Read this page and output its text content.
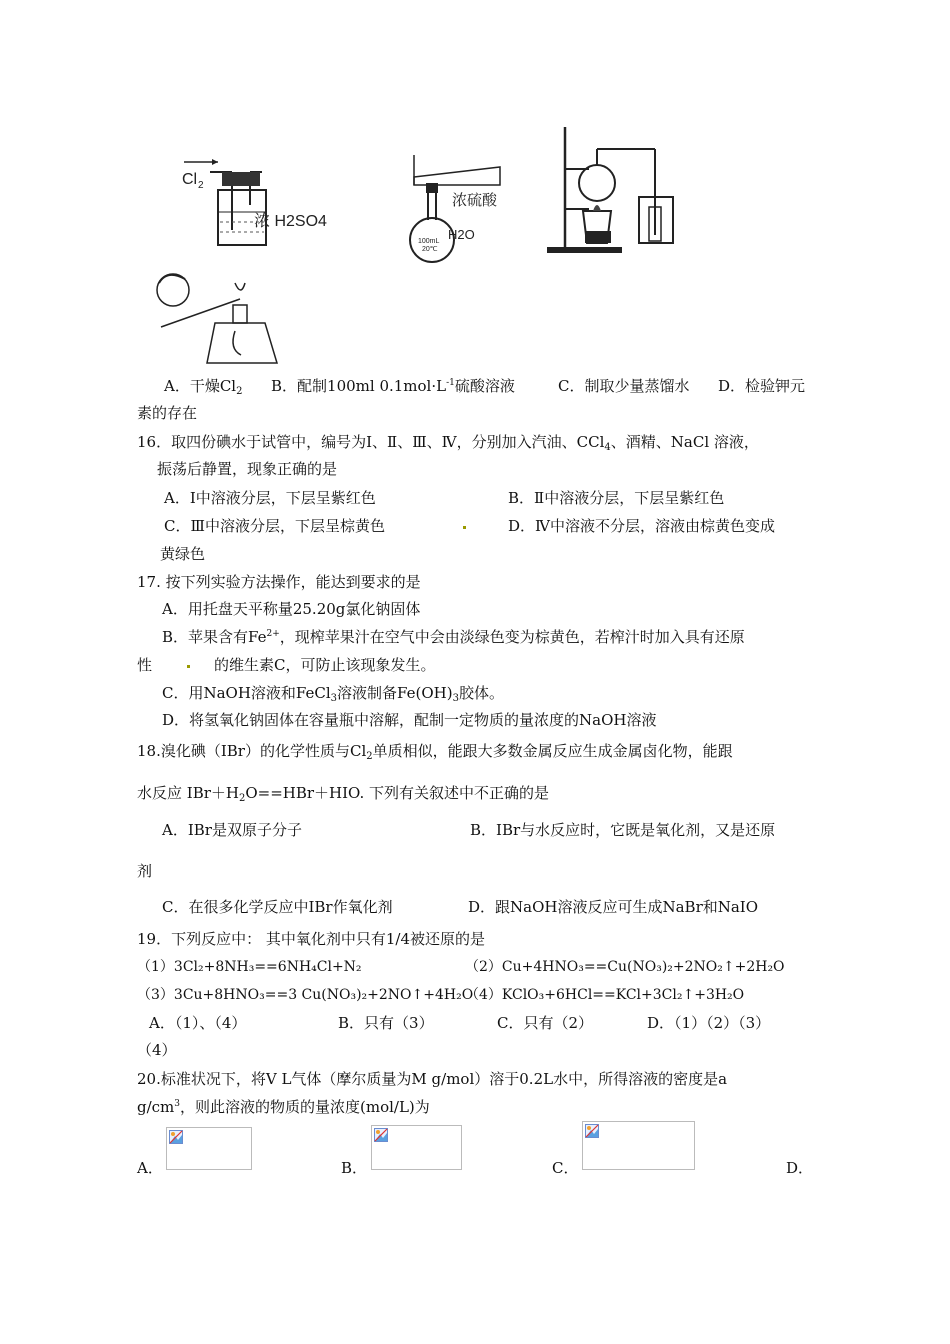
Cl 2
浓 H2SO4
浓硫酸
H2O
100mL
20℃
A．干燥$Cl_2$ B．配制100ml $0.1mol\cdot L^{-1}$硫酸溶液	C．制取少量蒸馏水 D．检验钾元
素的存在
16．取四份碘水于试管中，编号为Ⅰ、Ⅱ、Ⅲ、Ⅳ，分别加入汽油、CCl$_4$、酒精、NaCl 溶液，
振荡后静置，现象正确的是
A．Ⅰ中溶液分层，下层呈紫红色	B．Ⅱ中溶液分层，下层呈紫红色
C．Ⅲ中溶液分层，下层呈棕黄色	D．Ⅳ中溶液不分层，溶液由棕黄色变成
黄绿色
17. 按下列实验方法操作，能达到要求的是
A．用托盘天平称量25.20g氯化钠固体
B．苹果含有$Fe^{2+}$，现榨苹果汁在空气中会由淡绿色变为棕黄色，若榨汁时加入具有还原
性	的维生素C，可防止该现象发生。
C．用NaOH溶液和FeCl$_3$溶液制备$Fe(OH)_3$胶体。
D．将氢氧化钠固体在容量瓶中溶解，配制一定物质的量浓度的NaOH溶液
18.溴化碘（IBr）的化学性质与$Cl_2$单质相似，能跟大多数金属反应生成金属卤化物，能跟
水反应 $IBr+H_2O==HBr+HIO$. 下列有关叙述中不正确的是
A．IBr是双原子分子	B．IBr与水反应时，它既是氧化剂，又是还原
剂
C．在很多化学反应中IBr作氧化剂	D．跟NaOH溶液反应可生成NaBr和NaIO
19．下列反应中： 其中氧化剂中只有1/4被还原的是
（1）3Cl₂+8NH₃==6NH₄Cl+N₂	（2）Cu+4HNO₃==Cu(NO₃)₂+2NO₂↑+2H₂O
（3）3Cu+8HNO₃==3 Cu(NO₃)₂+2NO↑+4H₂O
（4）KClO₃+6HCl==KCl+3Cl₂↑+3H₂O
A．（1）、（4）	B．只有（3）	C．只有（2）	D．（1）（2）（3）
（4）
20.标准状况下，将V L气体（摩尔质量为M g/mol）溶于0.2L水中，所得溶液的密度是a
$g/cm^3$，则此溶液的物质的量浓度(mol/L)为
A．	B．	C．	D．
